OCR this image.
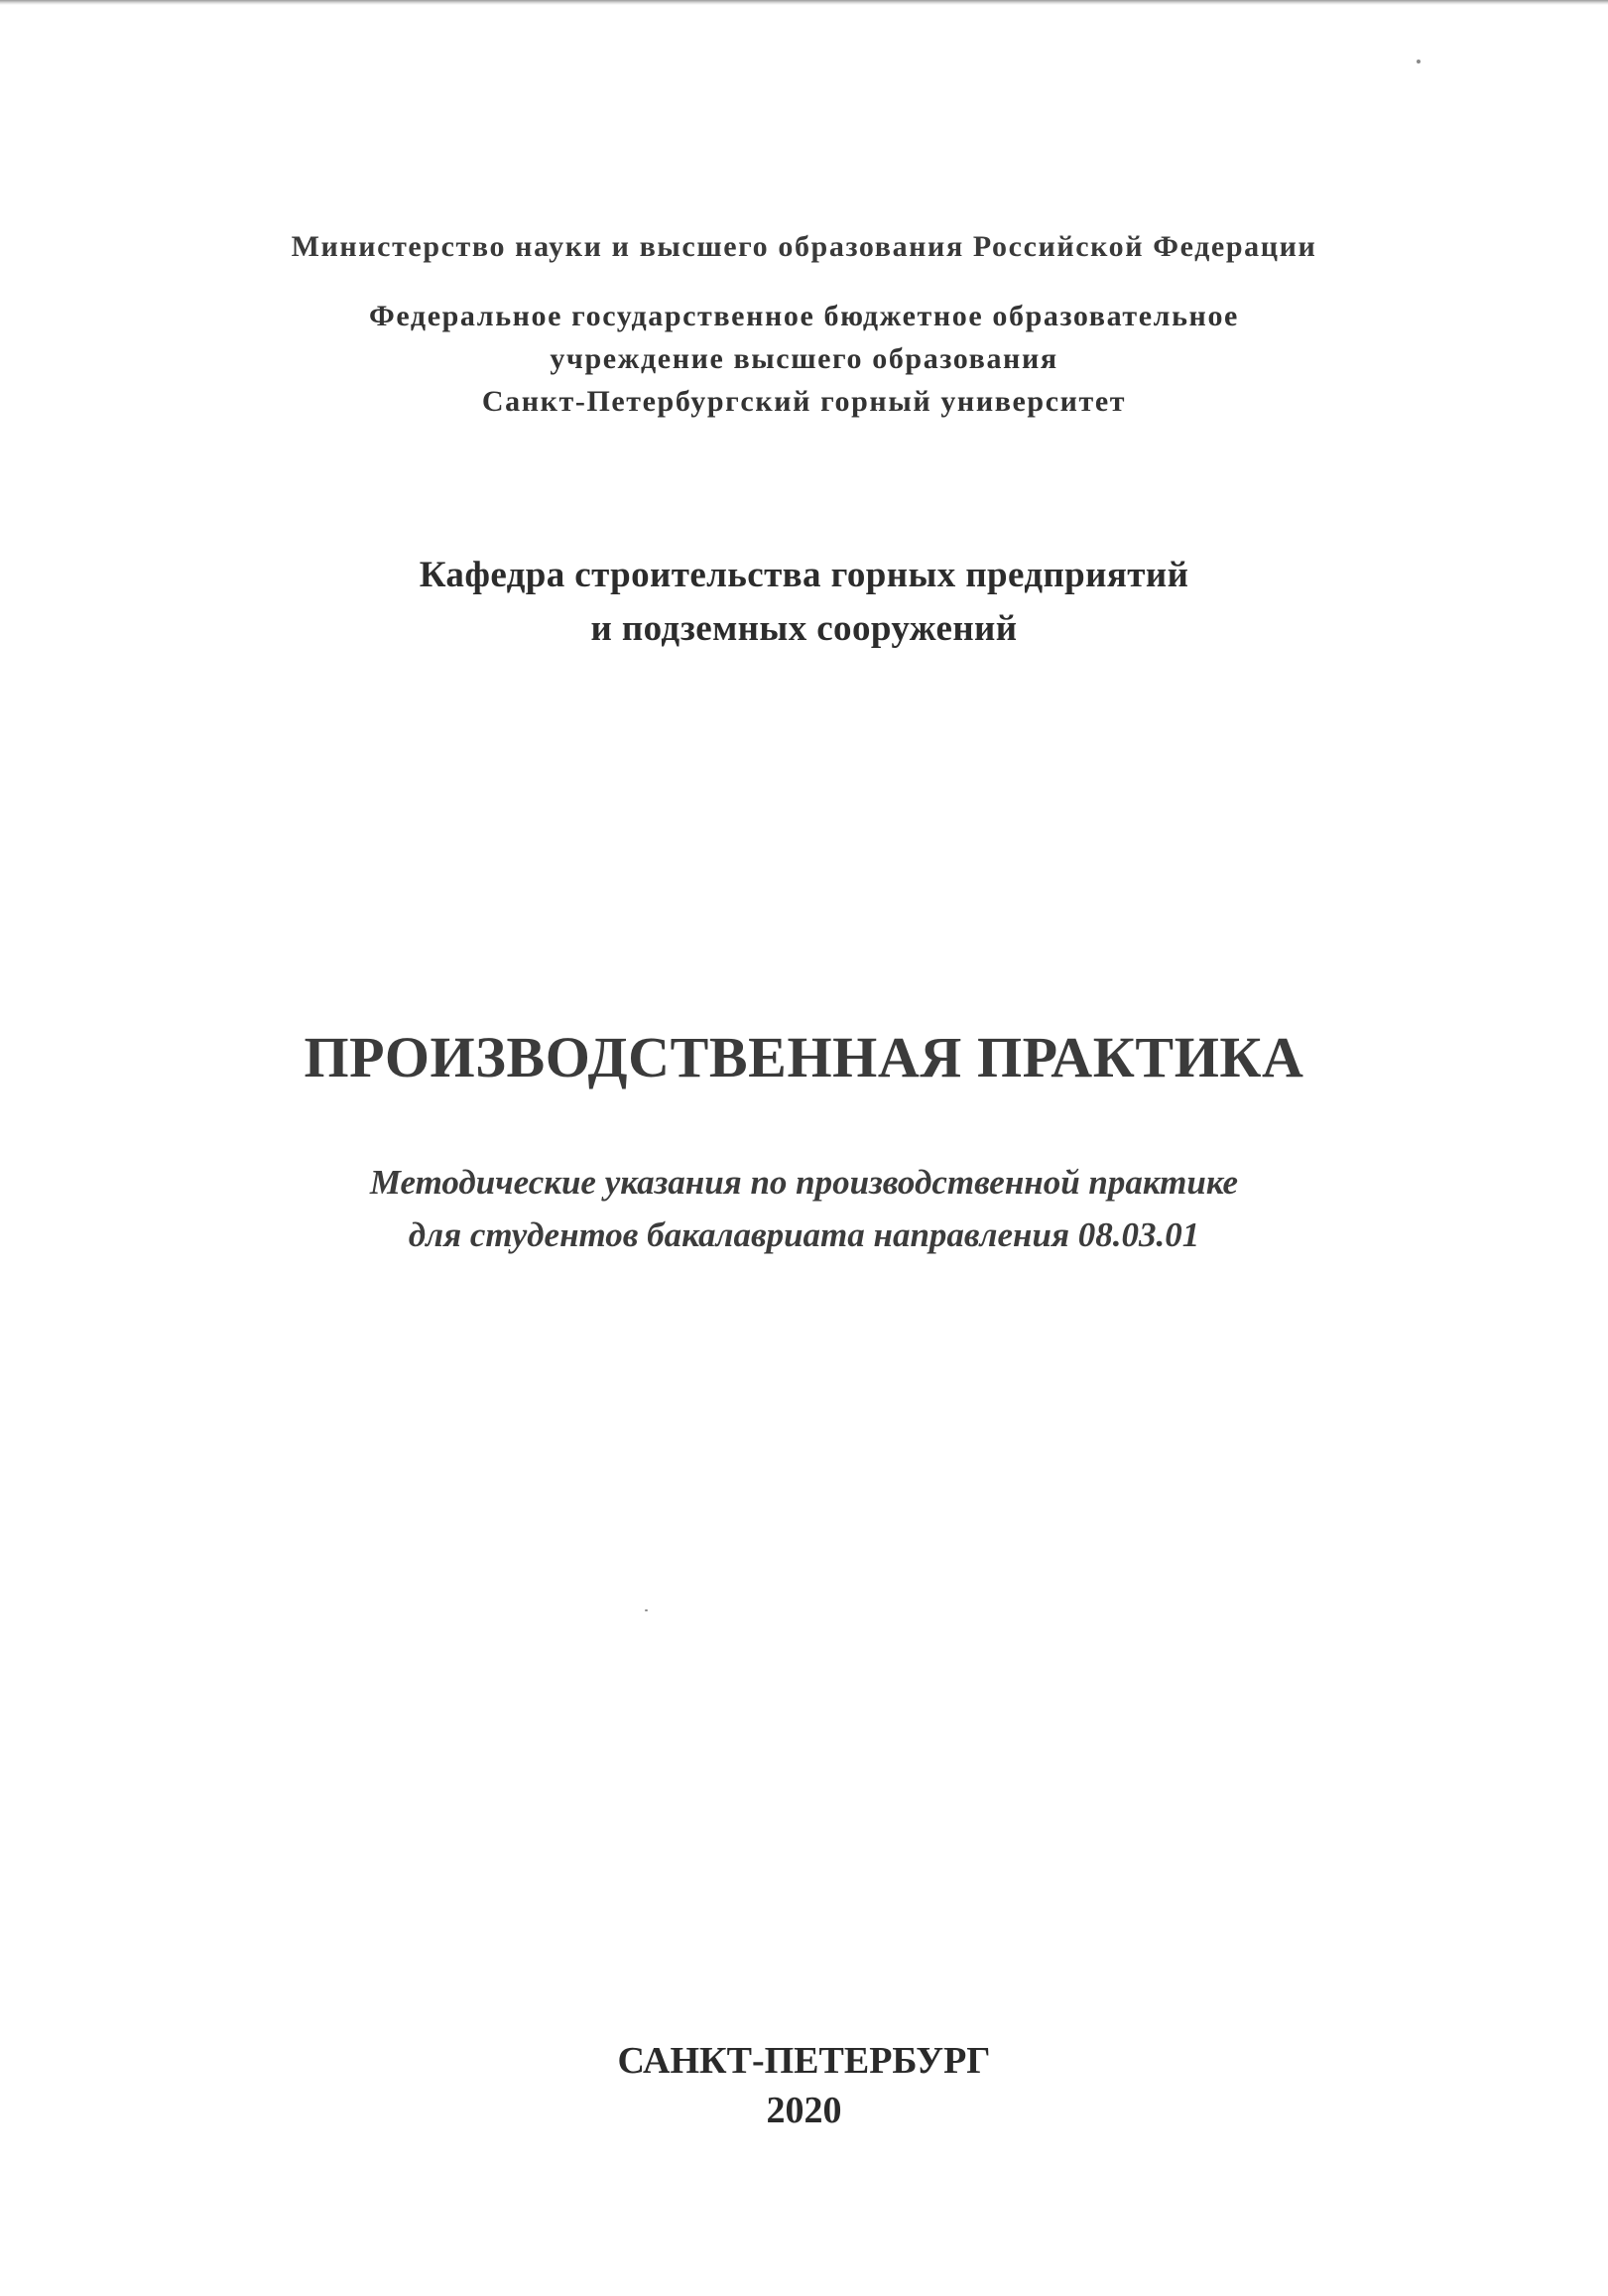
Министерство науки и высшего образования Российской Федерации
Федеральное государственное бюджетное образовательное
учреждение высшего образования
Санкт-Петербургский горный университет
Кафедра строительства горных предприятий
и подземных сооружений
ПРОИЗВОДСТВЕННАЯ ПРАКТИКА
Методические указания по производственной практике
для студентов бакалавриата направления 08.03.01
САНКТ-ПЕТЕРБУРГ
2020
